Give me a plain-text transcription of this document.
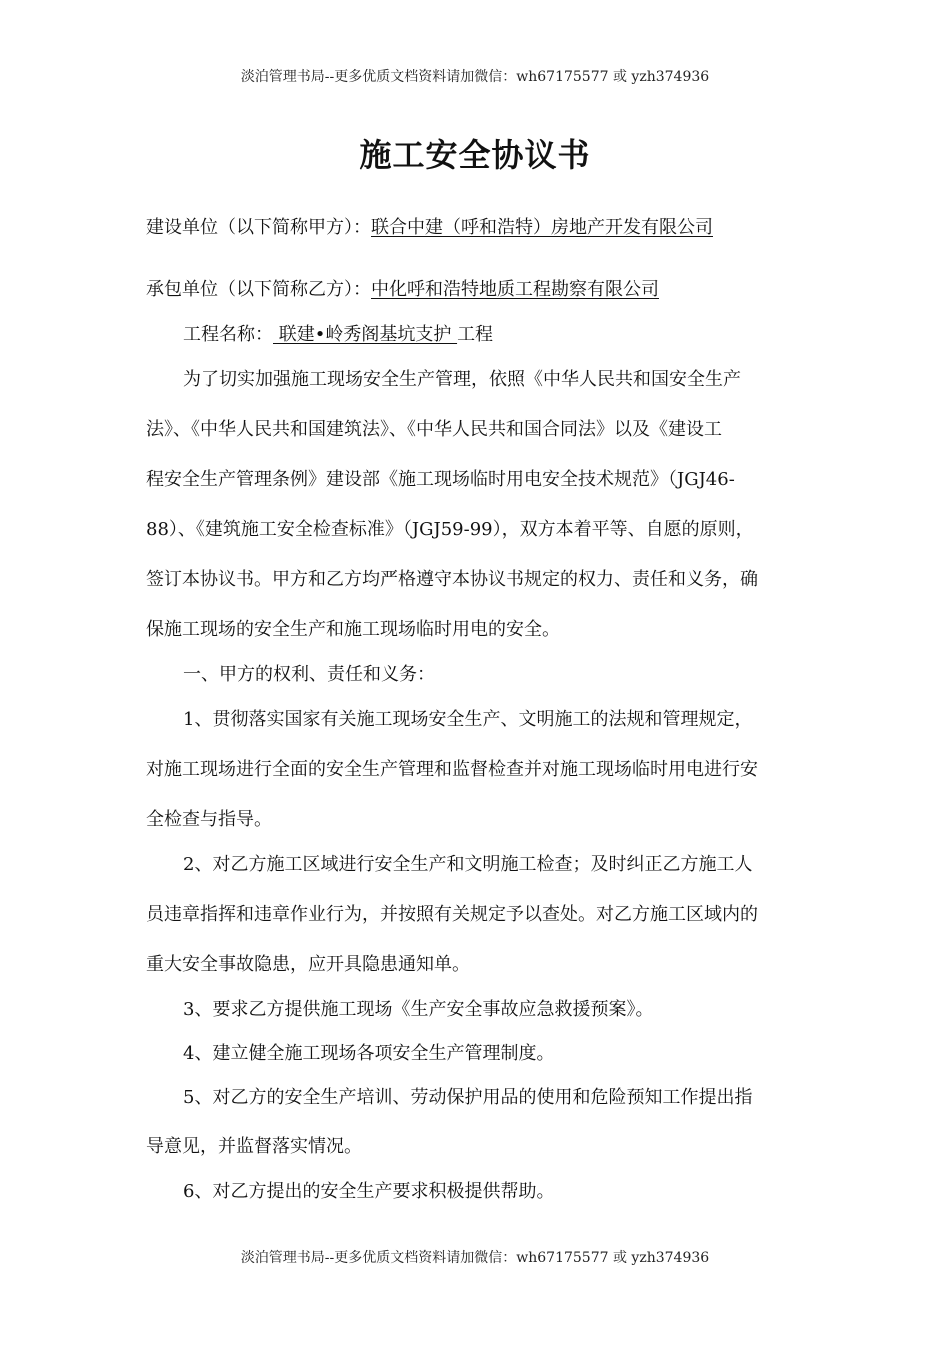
淡泊管理书局--更多优质文档资料请加微信：wh67175577 或 yzh374936
施工安全协议书
建设单位（以下简称甲方）：联合中建（呼和浩特）房地产开发有限公司
承包单位（以下简称乙方）：中化呼和浩特地质工程勘察有限公司
工程名称： 联建•岭秀阁基坑支护 工程
为了切实加强施工现场安全生产管理，依照《中华人民共和国安全生产
法》、《中华人民共和国建筑法》、《中华人民共和国合同法》以及《建设工
程安全生产管理条例》建设部《施工现场临时用电安全技术规范》（JGJ46-
88）、《建筑施工安全检查标准》（JGJ59-99），双方本着平等、自愿的原则，
签订本协议书。甲方和乙方均严格遵守本协议书规定的权力、责任和义务，确
保施工现场的安全生产和施工现场临时用电的安全。
一、甲方的权利、责任和义务：
1、贯彻落实国家有关施工现场安全生产、文明施工的法规和管理规定，
对施工现场进行全面的安全生产管理和监督检查并对施工现场临时用电进行安
全检查与指导。
2、对乙方施工区域进行安全生产和文明施工检查；及时纠正乙方施工人
员违章指挥和违章作业行为，并按照有关规定予以查处。对乙方施工区域内的
重大安全事故隐患，应开具隐患通知单。
3、要求乙方提供施工现场《生产安全事故应急救援预案》。
4、建立健全施工现场各项安全生产管理制度。
5、对乙方的安全生产培训、劳动保护用品的使用和危险预知工作提出指
导意见，并监督落实情况。
6、对乙方提出的安全生产要求积极提供帮助。
淡泊管理书局--更多优质文档资料请加微信：wh67175577 或 yzh374936
